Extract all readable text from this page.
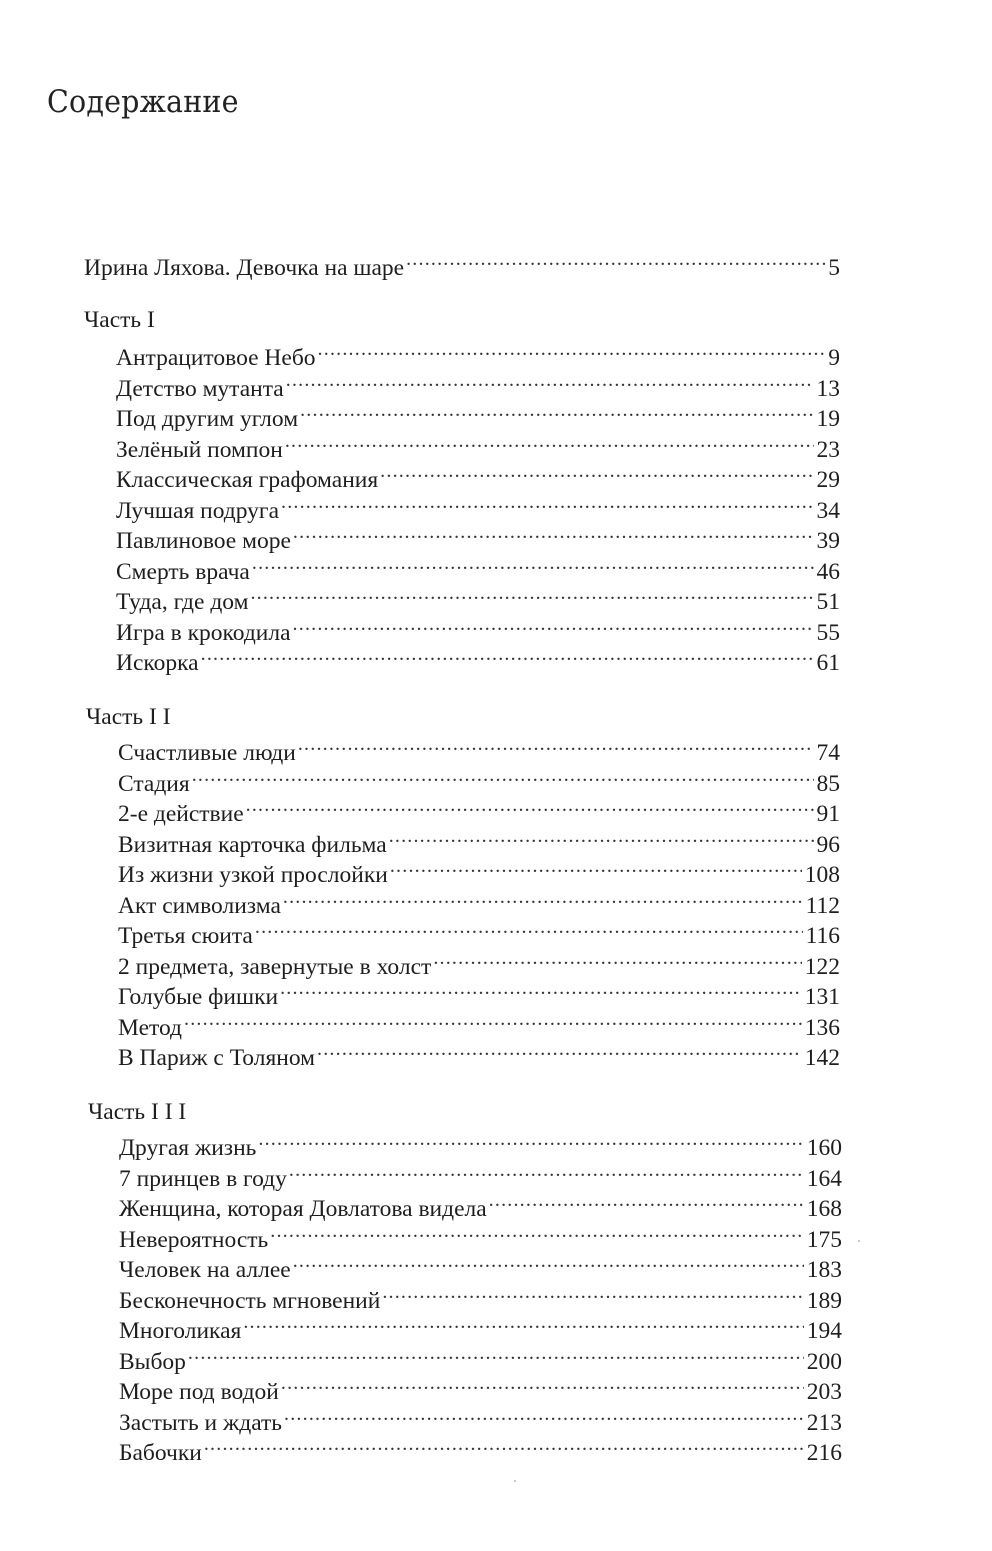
Содержание
Ирина Ляхова. Девочка на шаре .....	5
Часть I
Антрацитовое Небо .....	9
Детство мутанта .....	13
Под другим углом .....	19
Зелёный помпон .....	23
Классическая графомания .....	29
Лучшая подруга .....	34
Павлиновое море .....	39
Смерть врача .....	46
Туда, где дом .....	51
Игра в крокодила .....	55
Искорка .....	61
Часть I I
Счастливые люди .....	74
Стадия .....	85
2-е действие .....	91
Визитная карточка фильма .....	96
Из жизни узкой прослойки .....	108
Акт символизма .....	112
Третья сюита .....	116
2 предмета, завернутые в холст .....	122
Голубые фишки .....	131
Метод .....	136
В Париж с Толяном .....	142
Часть I I I
Другая жизнь .....	160
7 принцев в году .....	164
Женщина, которая Довлатова видела .....	168
Невероятность .....	175
Человек на аллее .....	183
Бесконечность мгновений .....	189
Многоликая .....	194
Выбор .....	200
Море под водой .....	203
Застыть и ждать .....	213
Бабочки .....	216
